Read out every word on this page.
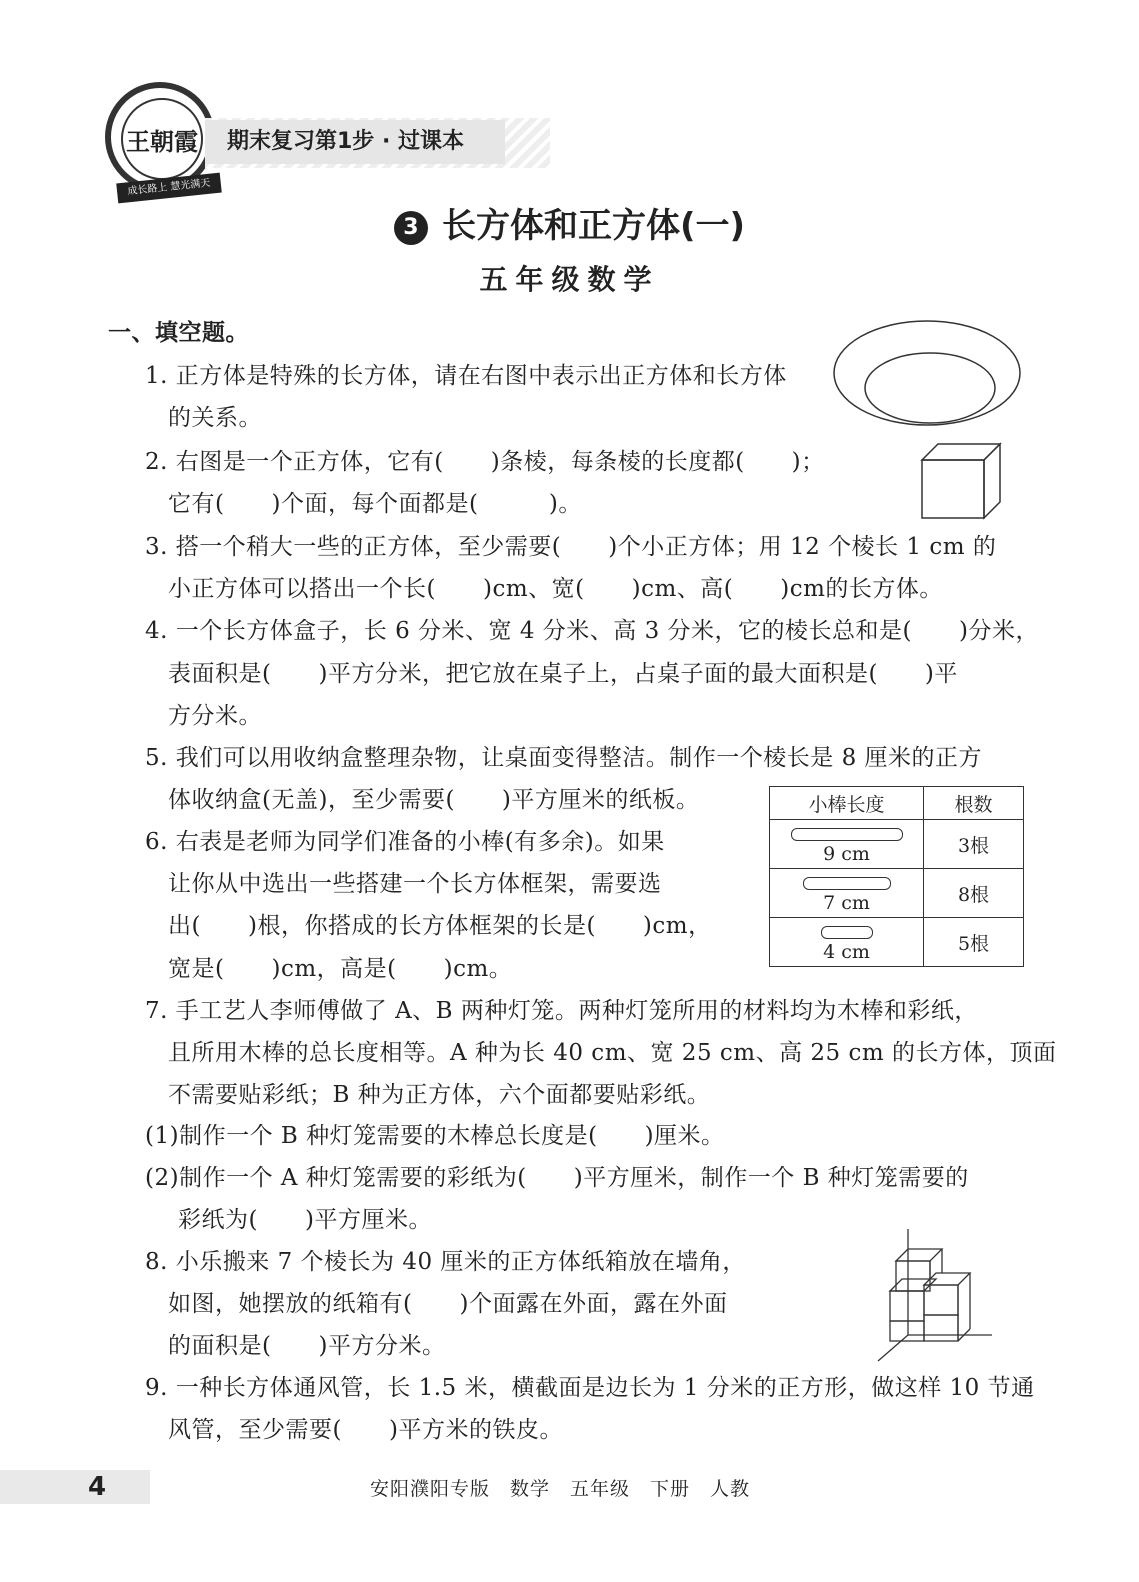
王朝霞
成长路上 慧光满天
期末复习第1步 · 过课本
3 长方体和正方体(一)
五年级数学
一、填空题。
1. 正方体是特殊的长方体，请在右图中表示出正方体和长方体
的关系。
2. 右图是一个正方体，它有(　　)条棱，每条棱的长度都(　　)；
它有(　　)个面，每个面都是(　　　)。
3. 搭一个稍大一些的正方体，至少需要(　　)个小正方体；用 12 个棱长 1 cm 的
小正方体可以搭出一个长(　　)cm、宽(　　)cm、高(　　)cm的长方体。
4. 一个长方体盒子，长 6 分米、宽 4 分米、高 3 分米，它的棱长总和是(　　)分米，
表面积是(　　)平方分米，把它放在桌子上，占桌子面的最大面积是(　　)平
方分米。
5. 我们可以用收纳盒整理杂物，让桌面变得整洁。制作一个棱长是 8 厘米的正方
体收纳盒(无盖)，至少需要(　　)平方厘米的纸板。
6. 右表是老师为同学们准备的小棒(有多余)。如果
让你从中选出一些搭建一个长方体框架，需要选
出(　　)根，你搭成的长方体框架的长是(　　)cm，
宽是(　　)cm，高是(　　)cm。
7. 手工艺人李师傅做了 A、B 两种灯笼。两种灯笼所用的材料均为木棒和彩纸，
且所用木棒的总长度相等。A 种为长 40 cm、宽 25 cm、高 25 cm 的长方体，顶面
不需要贴彩纸；B 种为正方体，六个面都要贴彩纸。
(1)制作一个 B 种灯笼需要的木棒总长度是(　　)厘米。
(2)制作一个 A 种灯笼需要的彩纸为(　　)平方厘米，制作一个 B 种灯笼需要的
彩纸为(　　)平方厘米。
8. 小乐搬来 7 个棱长为 40 厘米的正方体纸箱放在墙角，
如图，她摆放的纸箱有(　　)个面露在外面，露在外面
的面积是(　　)平方分米。
9. 一种长方体通风管，长 1.5 米，横截面是边长为 1 分米的正方形，做这样 10 节通
风管，至少需要(　　)平方米的铁皮。
小棒长度	根数

9 cm	3根

7 cm	8根

4 cm	5根
4	安阳濮阳专版　数学　五年级　下册　人教
